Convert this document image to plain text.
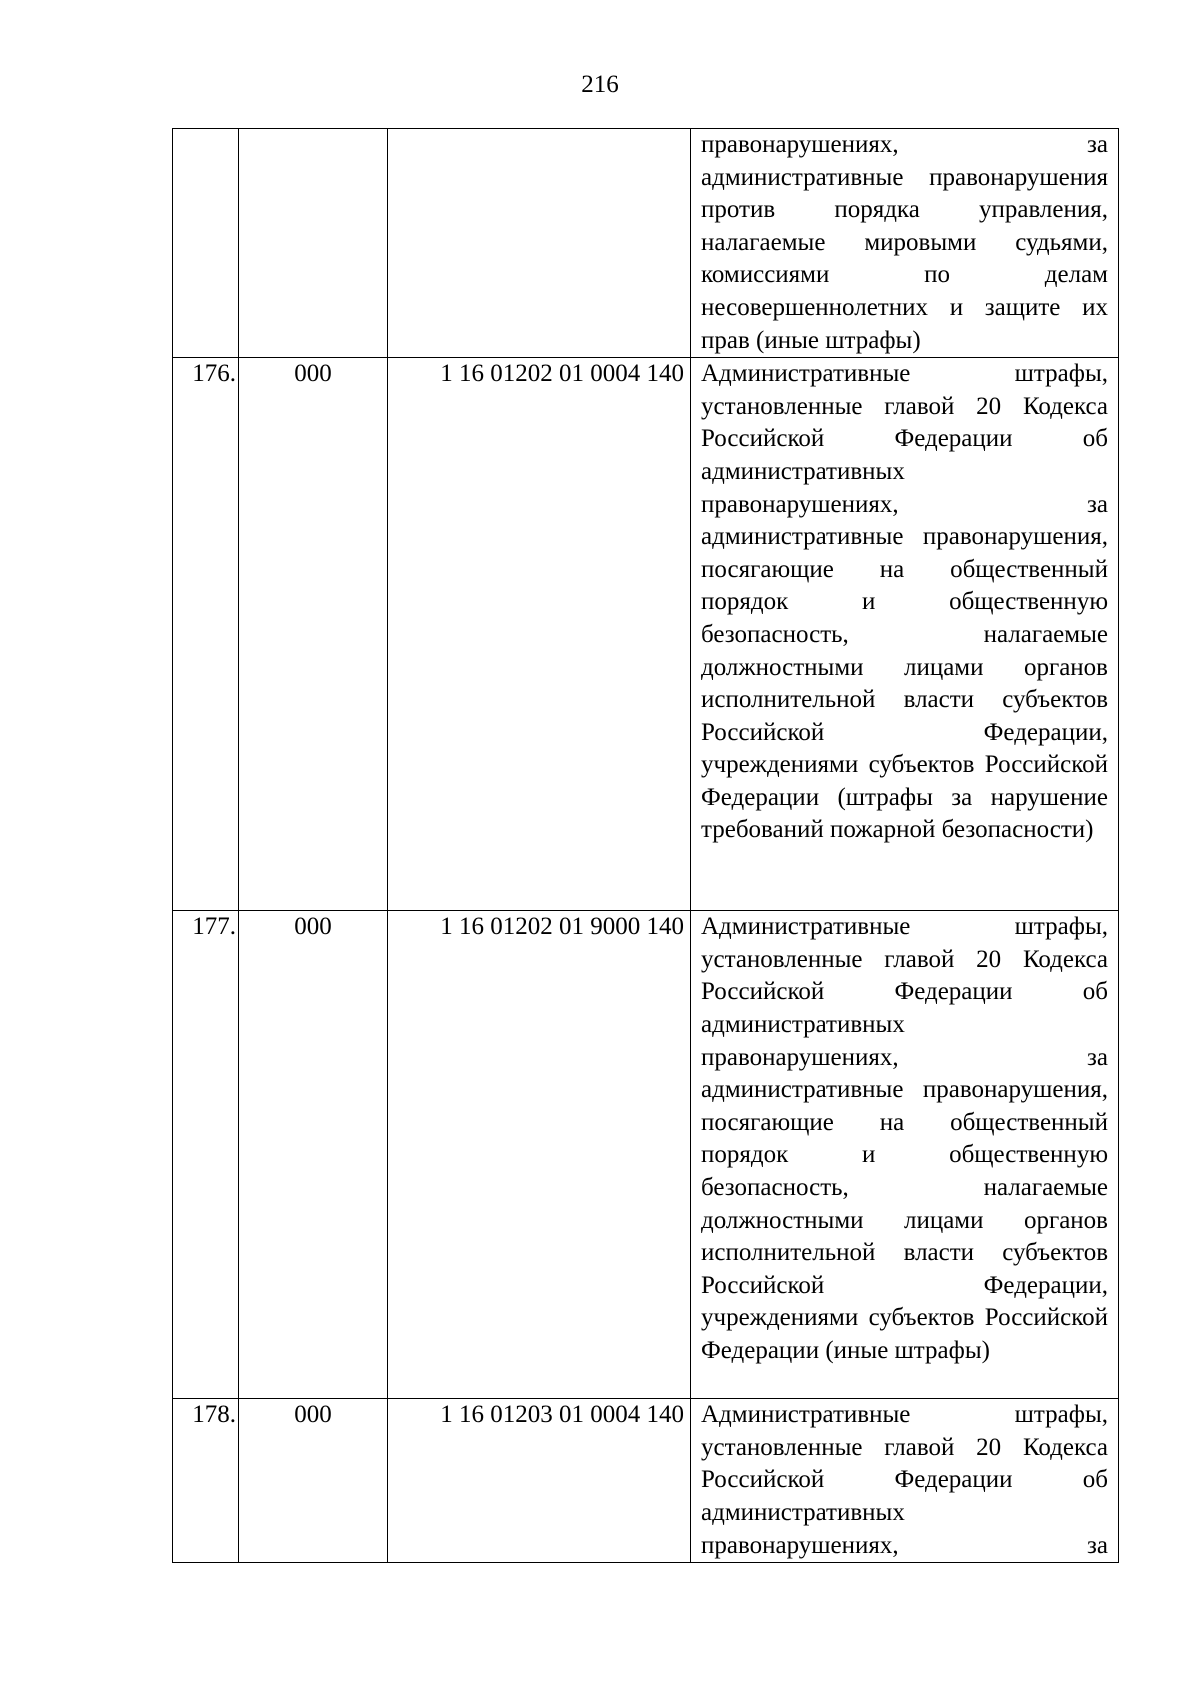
216

			правонарушениях, за административные правонарушения против порядка управления, налагаемые мировыми судьями, комиссиями по делам несовершеннолетних и защите их прав (иные штрафы)

176.	000	1 16 01202 01 0004 140	Административные штрафы, установленные главой 20 Кодекса Российской Федерации об административных правонарушениях, за административные правонарушения, посягающие на общественный порядок и общественную безопасность, налагаемые должностными лицами органов исполнительной власти субъектов Российской Федерации, учреждениями субъектов Российской Федерации (штрафы за нарушение требований пожарной безопасности)

177.	000	1 16 01202 01 9000 140	Административные штрафы, установленные главой 20 Кодекса Российской Федерации об административных правонарушениях, за административные правонарушения, посягающие на общественный порядок и общественную безопасность, налагаемые должностными лицами органов исполнительной власти субъектов Российской Федерации, учреждениями субъектов Российской Федерации (иные штрафы)

178.	000	1 16 01203 01 0004 140	Административные штрафы, установленные главой 20 Кодекса Российской Федерации об административных правонарушениях, за
